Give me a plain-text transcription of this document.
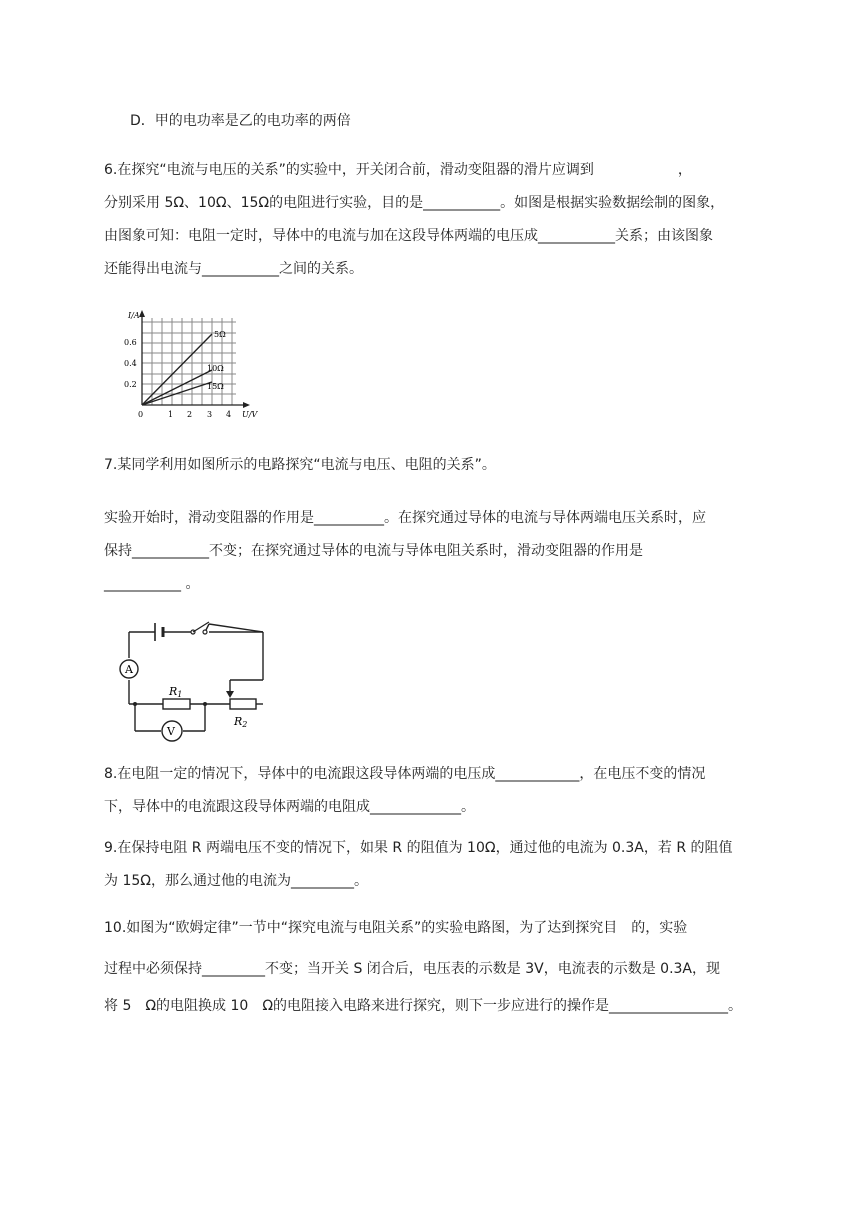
D．甲的电功率是乙的电功率的两倍
6.在探究“电流与电压的关系”的实验中，开关闭合前，滑动变阻器的滑片应调到　　　　　　，
分别采用 5Ω、10Ω、15Ω的电阻进行实验，目的是___________。如图是根据实验数据绘制的图象，
由图象可知：电阻一定时，导体中的电流与加在这段导体两端的电压成___________关系；由该图象
还能得出电流与___________之间的关系。
I/A
U/V
0.6
0.4
0.2
0	1 2 3 4
5Ω
10Ω
15Ω
7.某同学利用如图所示的电路探究“电流与电压、电阻的关系”。
实验开始时，滑动变阻器的作用是__________。在探究通过导体的电流与导体两端电压关系时，应
保持___________不变；在探究通过导体的电流与导体电阻关系时，滑动变阻器的作用是
___________ 。
A
R1
V
R2
8.在电阻一定的情况下，导体中的电流跟这段导体两端的电压成____________，在电压不变的情况
下，导体中的电流跟这段导体两端的电阻成_____________。
9.在保持电阻 R 两端电压不变的情况下，如果 R 的阻值为 10Ω，通过他的电流为 0.3A，若 R 的阻值
为 15Ω，那么通过他的电流为_________。
10.如图为“欧姆定律”一节中“探究电流与电阻关系”的实验电路图，为了达到探究目　的，实验
过程中必须保持_________不变；当开关 S 闭合后，电压表的示数是 3V，电流表的示数是 0.3A，现
将 5　Ω的电阻换成 10　Ω的电阻接入电路来进行探究，则下一步应进行的操作是_________________。
